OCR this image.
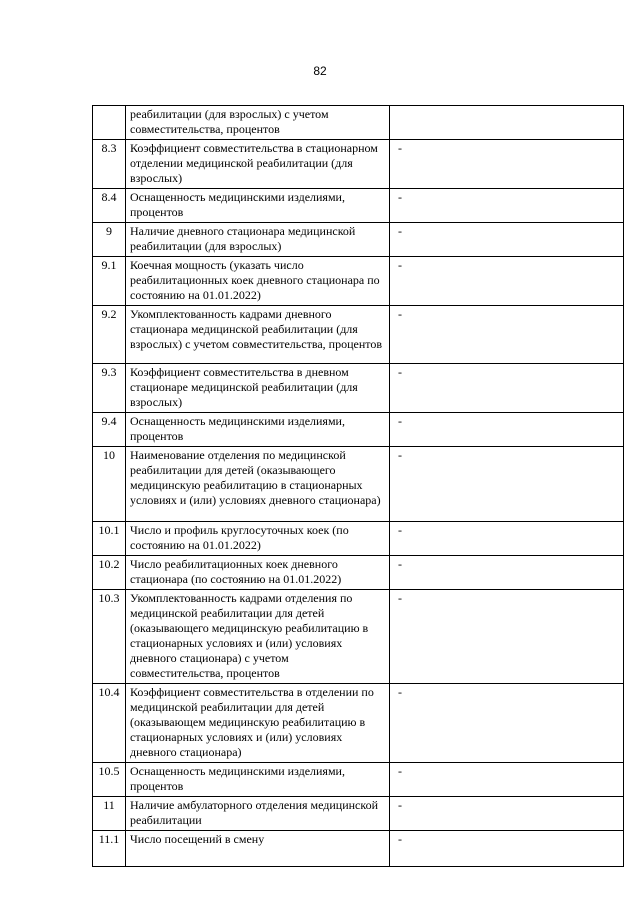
82
	реабилитации (для взрослых) с учетом совместительства, процентов	
8.3	Коэффициент совместительства в стационарном отделении медицинской реабилитации (для взрослых)	-
8.4	Оснащенность медицинскими изделиями, процентов	-
9	Наличие дневного стационара медицинской реабилитации (для взрослых)	-
9.1	Коечная мощность (указать число реабилитационных коек дневного стационара по состоянию на 01.01.2022)	-
9.2	Укомплектованность кадрами дневного стационара медицинской реабилитации (для взрослых) с учетом совместительства, процентов	-
9.3	Коэффициент совместительства в дневном стационаре медицинской реабилитации (для взрослых)	-
9.4	Оснащенность медицинскими изделиями, процентов	-
10	Наименование отделения по медицинской реабилитации для детей (оказывающего медицинскую реабилитацию в стационарных условиях и (или) условиях дневного стационара)	-
10.1	Число и профиль круглосуточных коек (по состоянию на 01.01.2022)	-
10.2	Число реабилитационных коек дневного стационара (по состоянию на 01.01.2022)	-
10.3	Укомплектованность кадрами отделения по медицинской реабилитации для детей (оказывающего медицинскую реабилитацию в стационарных условиях и (или) условиях дневного стационара) с учетом совместительства, процентов	-
10.4	Коэффициент совместительства в отделении по медицинской реабилитации для детей (оказывающем медицинскую реабилитацию в стационарных условиях и (или) условиях дневного стационара)	-
10.5	Оснащенность медицинскими изделиями, процентов	-
11	Наличие амбулаторного отделения медицинской реабилитации	-
11.1	Число посещений в смену	-
